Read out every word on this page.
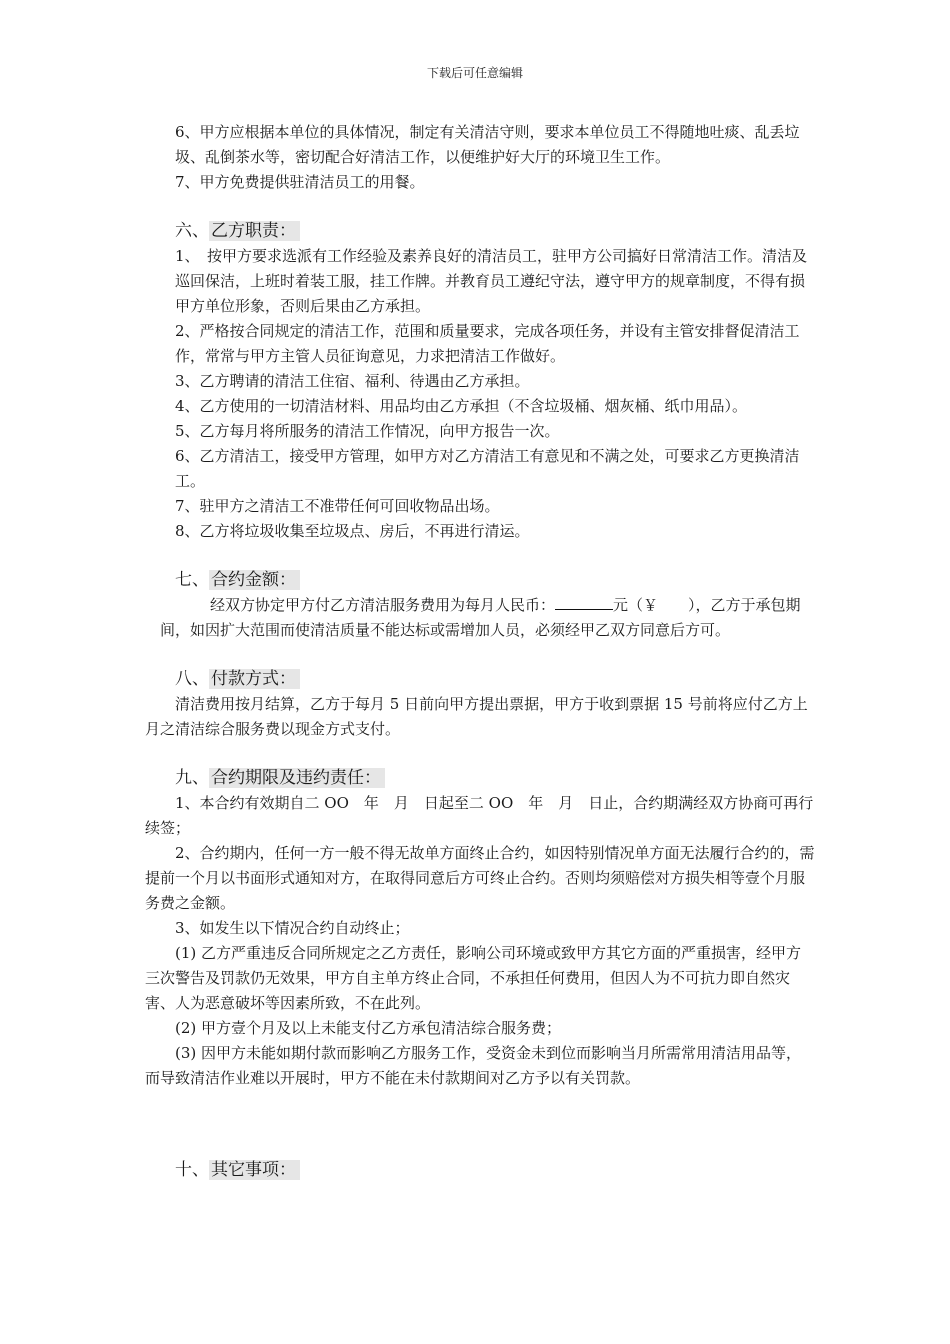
下载后可任意编辑

6、甲方应根据本单位的具体情况，制定有关清洁守则，要求本单位员工不得随地吐痰、乱丢垃圾、乱倒茶水等，密切配合好清洁工作，以便维护好大厅的环境卫生工作。

7、甲方免费提供驻清洁员工的用餐。

六、 乙方职责：

1、　按甲方要求选派有工作经验及素养良好的清洁员工，驻甲方公司搞好日常清洁工作。清洁及巡回保洁，上班时着装工服，挂工作牌。并教育员工遵纪守法，遵守甲方的规章制度，不得有损甲方单位形象，否则后果由乙方承担。

2、严格按合同规定的清洁工作，范围和质量要求，完成各项任务，并设有主管安排督促清洁工作，常常与甲方主管人员征询意见，力求把清洁工作做好。

3、乙方聘请的清洁工住宿、福利、待遇由乙方承担。

4、乙方使用的一切清洁材料、用品均由乙方承担（不含垃圾桶、烟灰桶、纸巾用品）。

5、乙方每月将所服务的清洁工作情况，向甲方报告一次。

6、乙方清洁工，接受甲方管理，如甲方对乙方清洁工有意见和不满之处，可要求乙方更换清洁工。

7、驻甲方之清洁工不准带任何可回收物品出场。

8、乙方将垃圾收集至垃圾点、房后，不再进行清运。

七、 合约金额：

经双方协定甲方付乙方清洁服务费用为每月人民币：	元（￥　　），乙方于承包期间，如因扩大范围而使清洁质量不能达标或需增加人员，必须经甲乙双方同意后方可。

八、 付款方式：

清洁费用按月结算，乙方于每月 5 日前向甲方提出票据，甲方于收到票据 15 号前将应付乙方上月之清洁综合服务费以现金方式支付。

九、 合约期限及违约责任：

1、本合约有效期自二 OO　年　月　日起至二 OO　年　月　日止，合约期满经双方协商可再行续签；

2、合约期内，任何一方一般不得无故单方面终止合约，如因特别情况单方面无法履行合约的，需提前一个月以书面形式通知对方，在取得同意后方可终止合约。否则均须赔偿对方损失相等壹个月服务费之金额。

3、如发生以下情况合约自动终止；

(1) 乙方严重违反合同所规定之乙方责任，影响公司环境或致甲方其它方面的严重损害，经甲方三次警告及罚款仍无效果，甲方自主单方终止合同，不承担任何费用，但因人为不可抗力即自然灾害、人为恶意破坏等因素所致，不在此列。

(2) 甲方壹个月及以上未能支付乙方承包清洁综合服务费；

(3) 因甲方未能如期付款而影响乙方服务工作，受资金未到位而影响当月所需常用清洁用品等，而导致清洁作业难以开展时，甲方不能在未付款期间对乙方予以有关罚款。

十、 其它事项：
